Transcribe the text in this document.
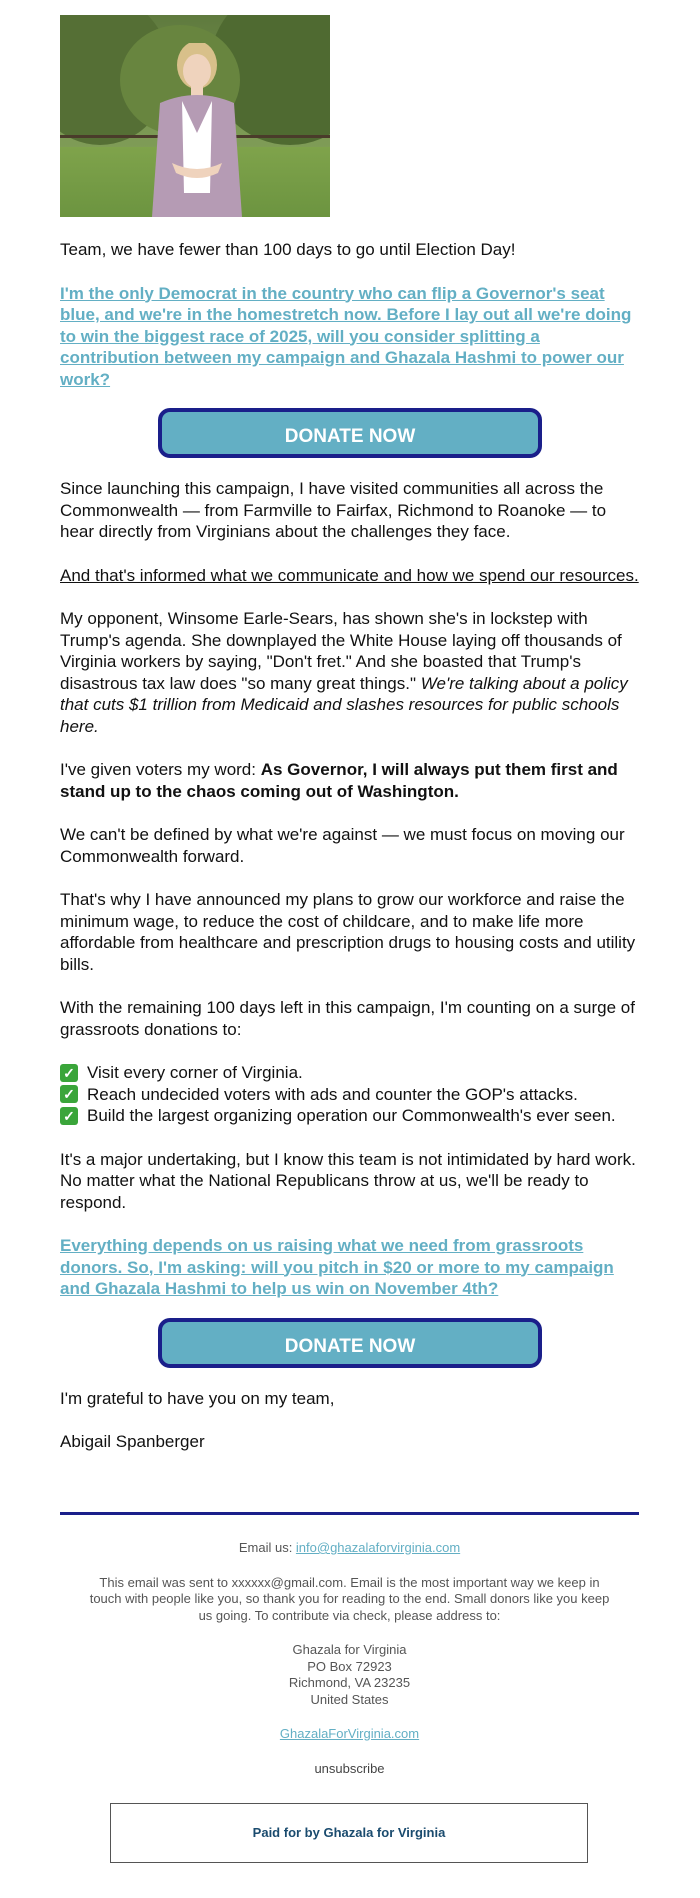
Team, we have fewer than 100 days to go until Election Day!

I'm the only Democrat in the country who can flip a Governor's seat blue, and we're in the homestretch now. Before I lay out all we're doing to win the biggest race of 2025, will you consider splitting a contribution between my campaign and Ghazala Hashmi to power our work?

DONATE NOW

Since launching this campaign, I have visited communities all across the Commonwealth — from Farmville to Fairfax, Richmond to Roanoke — to hear directly from Virginians about the challenges they face.

And that's informed what we communicate and how we spend our resources.

My opponent, Winsome Earle-Sears, has shown she's in lockstep with Trump's agenda. She downplayed the White House laying off thousands of Virginia workers by saying, "Don't fret." And she boasted that Trump's disastrous tax law does "so many great things." We're talking about a policy that cuts $1 trillion from Medicaid and slashes resources for public schools here.

I've given voters my word: As Governor, I will always put them first and stand up to the chaos coming out of Washington.

We can't be defined by what we're against — we must focus on moving our Commonwealth forward.

That's why I have announced my plans to grow our workforce and raise the minimum wage, to reduce the cost of childcare, and to make life more affordable from healthcare and prescription drugs to housing costs and utility bills.

With the remaining 100 days left in this campaign, I'm counting on a surge of grassroots donations to:

✓ Visit every corner of Virginia.
✓ Reach undecided voters with ads and counter the GOP's attacks.
✓ Build the largest organizing operation our Commonwealth's ever seen.

It's a major undertaking, but I know this team is not intimidated by hard work. No matter what the National Republicans throw at us, we'll be ready to respond.

Everything depends on us raising what we need from grassroots donors. So, I'm asking: will you pitch in $20 or more to my campaign and Ghazala Hashmi to help us win on November 4th?

DONATE NOW

I'm grateful to have you on my team,

Abigail Spanberger

Email us: info@ghazalaforvirginia.com
This email was sent to xxxxxx@gmail.com. Email is the most important way we keep in touch with people like you, so thank you for reading to the end. Small donors like you keep us going. To contribute via check, please address to:
Ghazala for Virginia
PO Box 72923
Richmond, VA 23235
United States
GhazalaForVirginia.com
unsubscribe
Paid for by Ghazala for Virginia
